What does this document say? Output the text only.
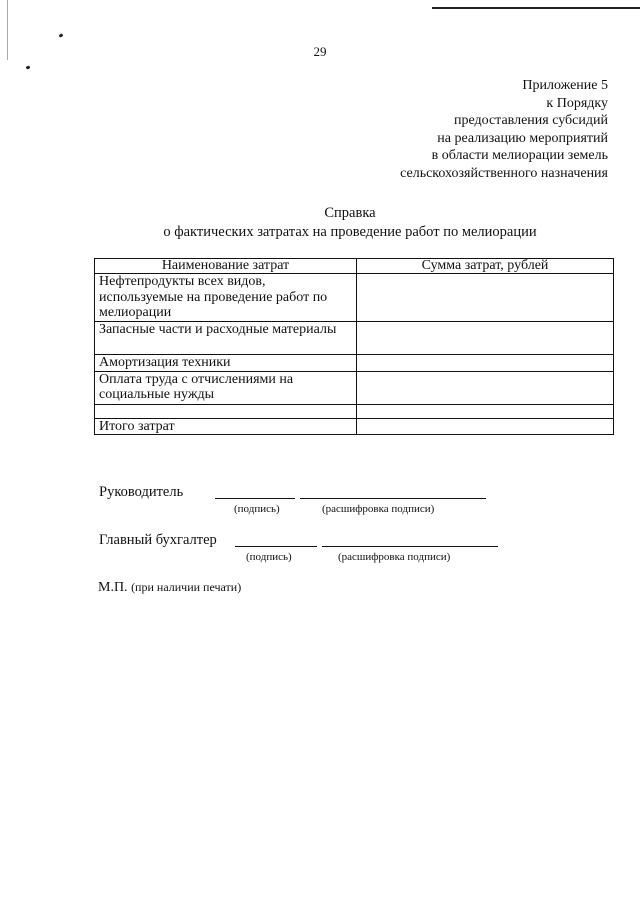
29
Приложение 5
к Порядку
предоставления субсидий
на реализацию мероприятий
в области мелиорации земель
сельскохозяйственного назначения
Справка
о фактических затратах на проведение работ по мелиорации
Наименование затрат	Сумма затрат, рублей
Нефтепродукты всех видов, используемые на проведение работ по мелиорации	
Запасные части и расходные материалы	
Амортизация техники	
Оплата труда с отчислениями на социальные нужды	

Итого затрат	
Руководитель
(подпись)	(расшифровка подписи)
Главный бухгалтер
(подпись)	(расшифровка подписи)
М.П. (при наличии печати)
